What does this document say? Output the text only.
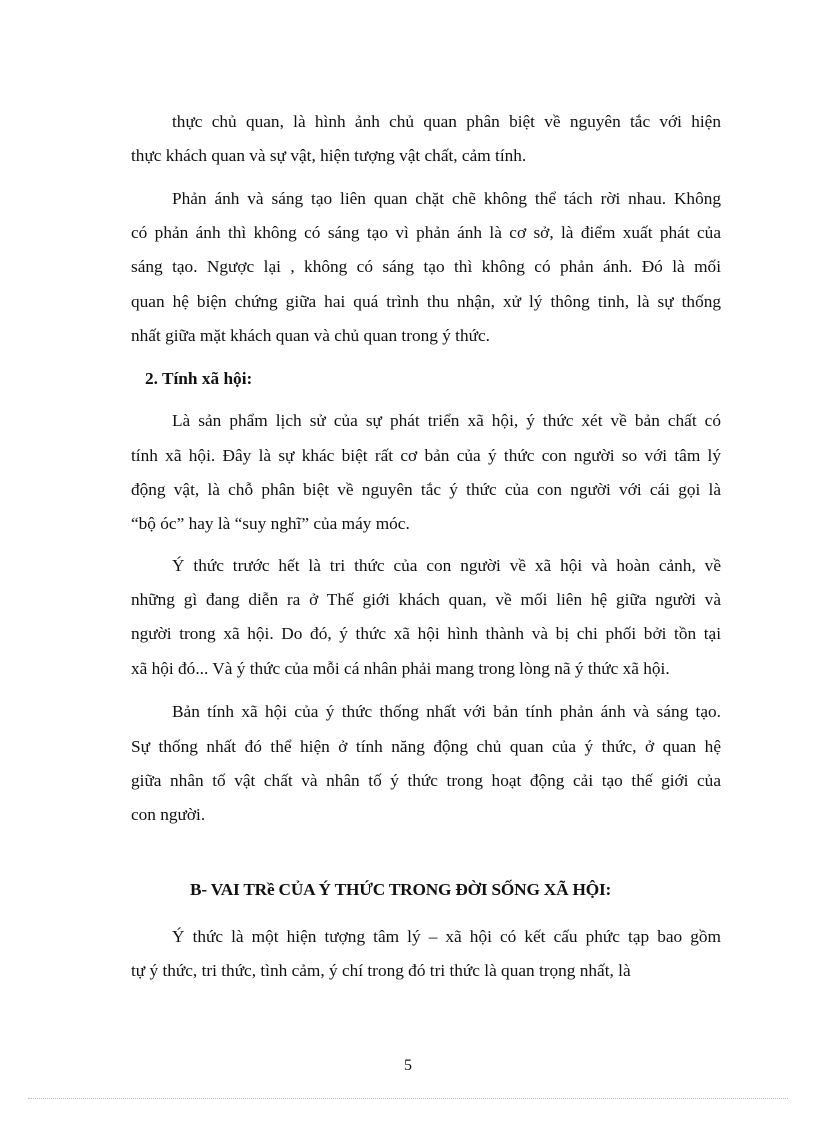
thực chủ quan, là hình ảnh chủ quan phân biệt về nguyên tắc với hiện
thực khách quan và sự vật, hiện tượng vật chất, cảm tính.
Phản ánh và sáng tạo liên quan chặt chẽ không thể tách rời nhau. Không
có phản ánh thì không có sáng tạo vì phản ánh là cơ sở, là điểm xuất phát của
sáng tạo. Ngược lại , không có sáng tạo thì không có phản ánh. Đó là mối
quan hệ biện chứng giữa hai quá trình thu nhận, xử lý thông tinh, là sự thống
nhất giữa mặt khách quan và chủ quan trong ý thức.
2. Tính xã hội:
Là sản phẩm lịch sử của sự phát triển xã hội, ý thức xét về bản chất có
tính xã hội. Đây là sự khác biệt rất cơ bản của ý thức con người so với tâm lý
động vật, là chỗ phân biệt về nguyên tắc ý thức của con người với cái gọi là
“bộ óc” hay là “suy nghĩ” của máy móc.
Ý thức trước hết là tri thức của con người về xã hội và hoàn cảnh, về
những gì đang diễn ra ở Thế giới khách quan, về mối liên hệ giữa người và
người trong xã hội. Do đó, ý thức xã hội hình thành và bị chi phối bởi tồn tại
xã hội đó... Và ý thức của mỗi cá nhân phải mang trong lòng nã ý thức xã hội.
Bản tính xã hội của ý thức thống nhất với bản tính phản ánh và sáng tạo.
Sự thống nhất đó thể hiện ở tính năng động chủ quan của ý thức, ở quan hệ
giữa nhân tố vật chất và nhân tố ý thức trong hoạt động cải tạo thế giới của
con người.
B- VAI TRề CỦA Ý THỨC TRONG ĐỜI SỐNG XÃ HỘI:
Ý thức là một hiện tượng tâm lý – xã hội có kết cấu phức tạp bao gồm
tự ý thức, tri thức, tình cảm, ý chí trong đó tri thức là quan trọng nhất, là
5
